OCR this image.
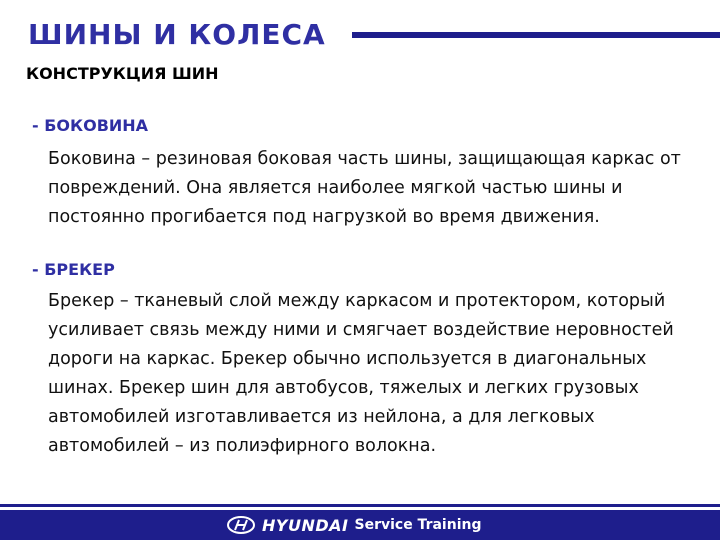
ШИНЫ И КОЛЕСА
КОНСТРУКЦИЯ ШИН
- БОКОВИНА
Боковина – резиновая боковая часть шины, защищающая каркас от повреждений. Она является наиболее мягкой частью шины и постоянно прогибается под нагрузкой во время движения.
- БРЕКЕР
Брекер – тканевый слой между каркасом и протектором, который усиливает связь между ними и смягчает воздействие неровностей дороги на каркас. Брекер обычно используется в диагональных шинах. Брекер шин для автобусов, тяжелых и легких грузовых автомобилей изготавливается из нейлона, а для легковых автомобилей – из полиэфирного волокна.
HYUNDAI Service Training
